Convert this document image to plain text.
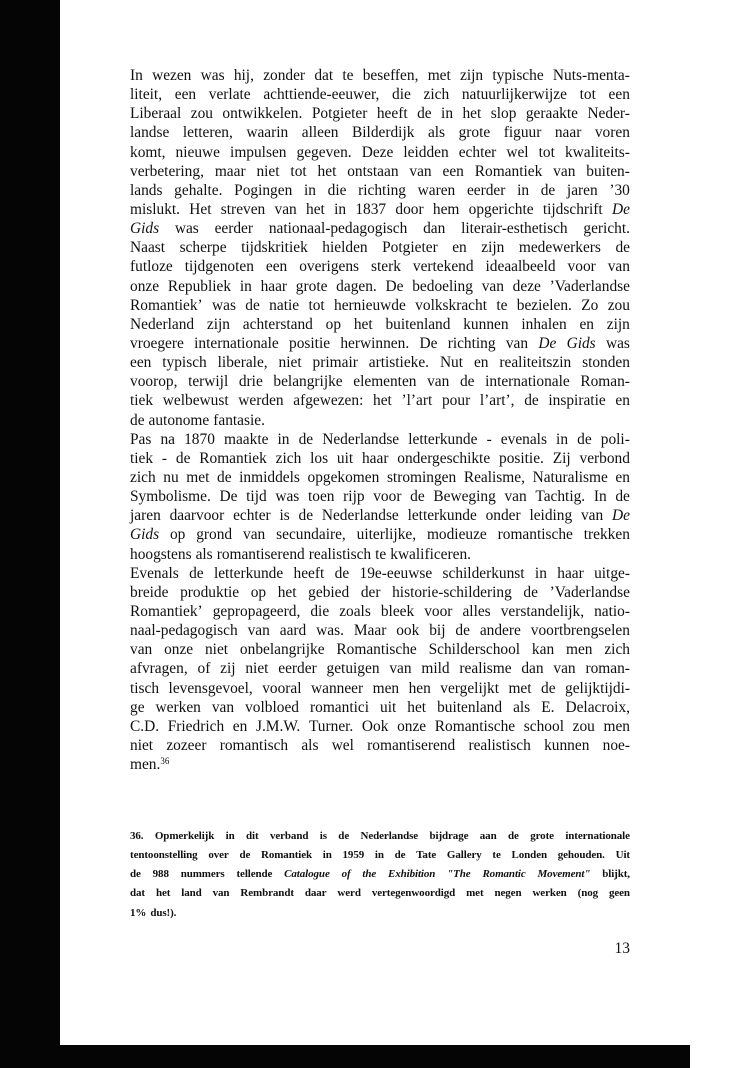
In wezen was hij, zonder dat te beseffen, met zijn typische Nuts-menta-
liteit, een verlate achttiende-eeuwer, die zich natuurlijkerwijze tot een
Liberaal zou ontwikkelen. Potgieter heeft de in het slop geraakte Neder-
landse letteren, waarin alleen Bilderdijk als grote figuur naar voren
komt, nieuwe impulsen gegeven. Deze leidden echter wel tot kwaliteits-
verbetering, maar niet tot het ontstaan van een Romantiek van buiten-
lands gehalte. Pogingen in die richting waren eerder in de jaren ’30
mislukt. Het streven van het in 1837 door hem opgerichte tijdschrift De
Gids was eerder nationaal-pedagogisch dan literair-esthetisch gericht.
Naast scherpe tijdskritiek hielden Potgieter en zijn medewerkers de
futloze tijdgenoten een overigens sterk vertekend ideaalbeeld voor van
onze Republiek in haar grote dagen. De bedoeling van deze ’Vaderlandse
Romantiek’ was de natie tot hernieuwde volkskracht te bezielen. Zo zou
Nederland zijn achterstand op het buitenland kunnen inhalen en zijn
vroegere internationale positie herwinnen. De richting van De Gids was
een typisch liberale, niet primair artistieke. Nut en realiteitszin stonden
voorop, terwijl drie belangrijke elementen van de internationale Roman-
tiek welbewust werden afgewezen: het ’l’art pour l’art’, de inspiratie en
de autonome fantasie.
Pas na 1870 maakte in de Nederlandse letterkunde - evenals in de poli-
tiek - de Romantiek zich los uit haar ondergeschikte positie. Zij verbond
zich nu met de inmiddels opgekomen stromingen Realisme, Naturalisme en
Symbolisme. De tijd was toen rijp voor de Beweging van Tachtig. In de
jaren daarvoor echter is de Nederlandse letterkunde onder leiding van De
Gids op grond van secundaire, uiterlijke, modieuze romantische trekken
hoogstens als romantiserend realistisch te kwalificeren.
Evenals de letterkunde heeft de 19e-eeuwse schilderkunst in haar uitge-
breide produktie op het gebied der historie-schildering de ’Vaderlandse
Romantiek’ gepropageerd, die zoals bleek voor alles verstandelijk, natio-
naal-pedagogisch van aard was. Maar ook bij de andere voortbrengselen
van onze niet onbelangrijke Romantische Schilderschool kan men zich
afvragen, of zij niet eerder getuigen van mild realisme dan van roman-
tisch levensgevoel, vooral wanneer men hen vergelijkt met de gelijktijdi-
ge werken van volbloed romantici uit het buitenland als E. Delacroix,
C.D. Friedrich en J.M.W. Turner. Ook onze Romantische school zou men
niet zozeer romantisch als wel romantiserend realistisch kunnen noe-
men.$^{36}$
36. Opmerkelijk in dit verband is de Nederlandse bijdrage aan de grote internationale
tentoonstelling over de Romantiek in 1959 in de Tate Gallery te Londen gehouden. Uit
de 988 nummers tellende Catalogue of the Exhibition "The Romantic Movement" blijkt,
dat het land van Rembrandt daar werd vertegenwoordigd met negen werken (nog geen
1% dus!).
13
